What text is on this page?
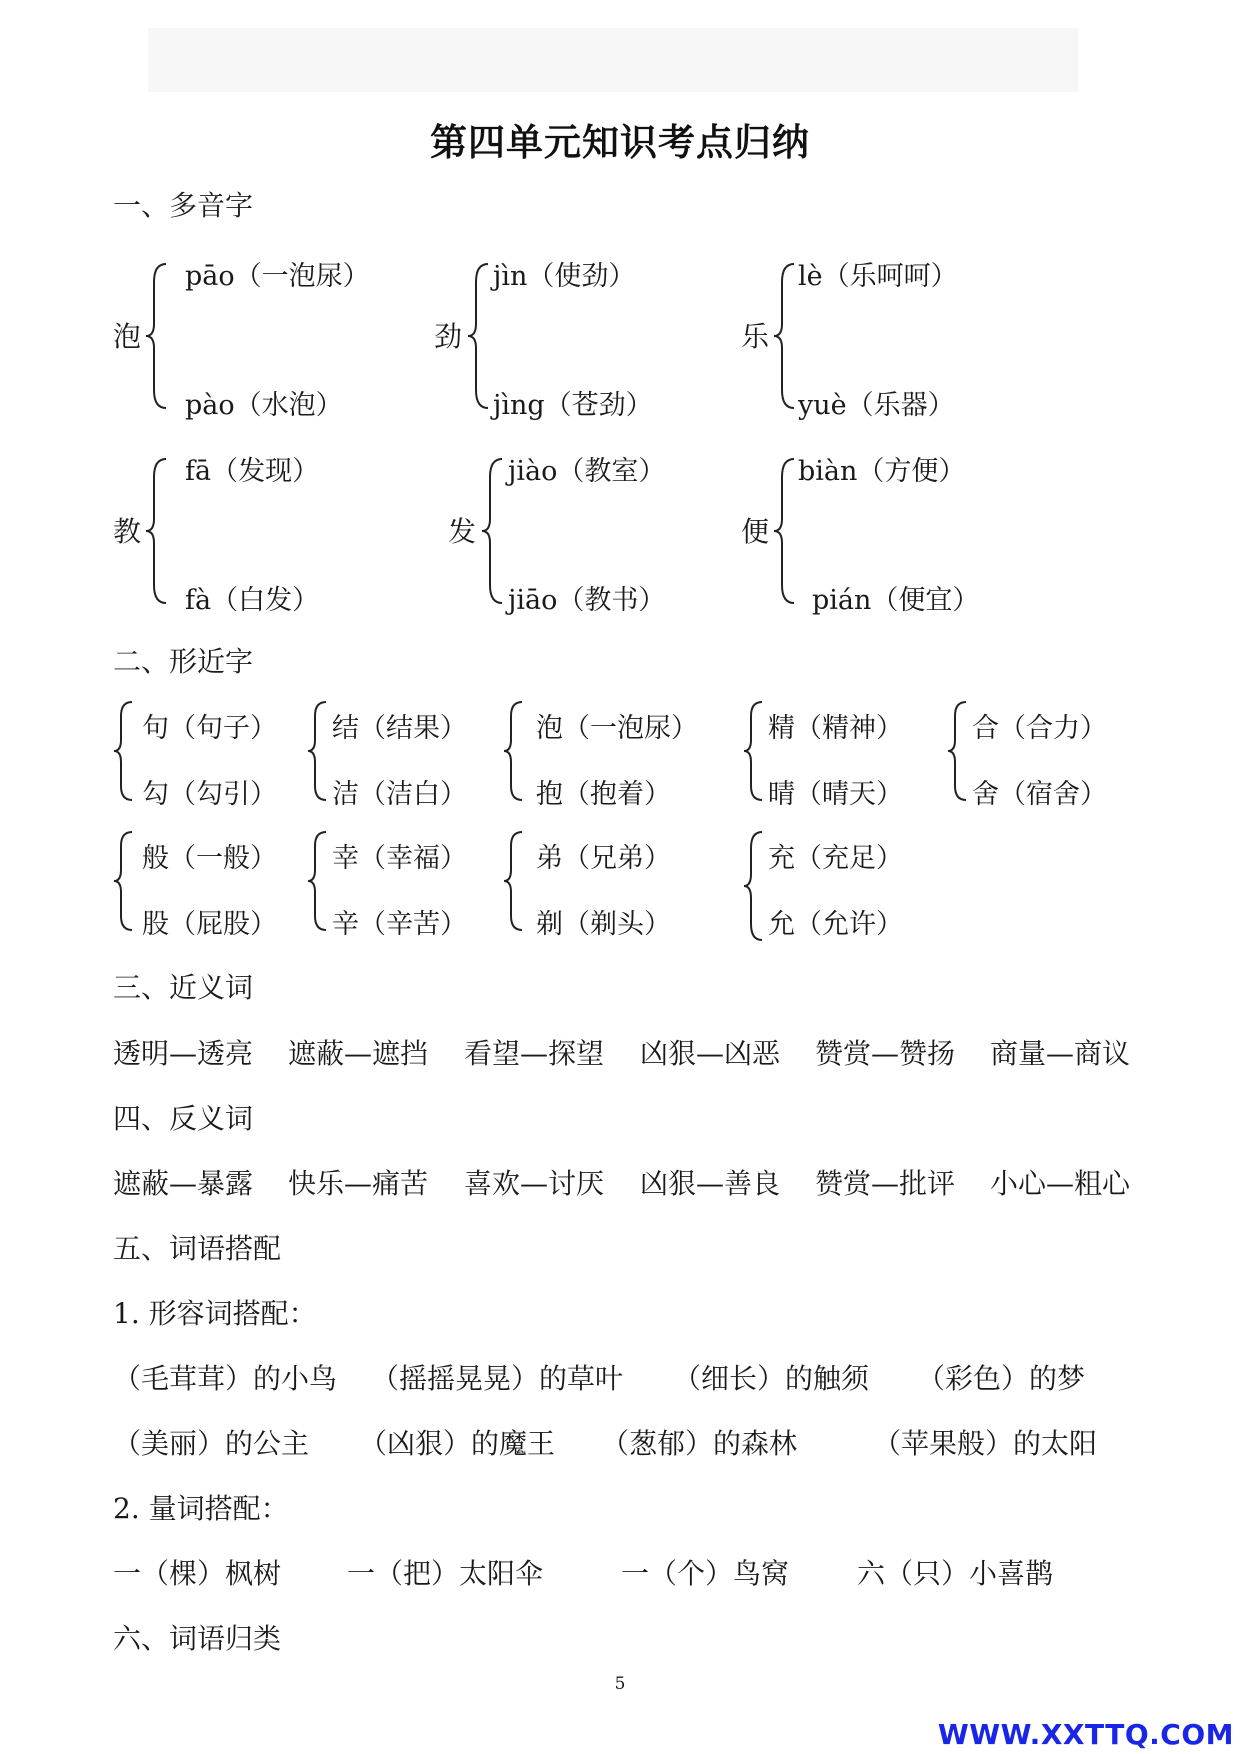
第四单元知识考点归纳
一、多音字
泡
pāo（一泡尿）
pào（水泡）
劲
jìn（使劲）
jìng（苍劲）
乐
lè（乐呵呵）
yuè（乐器）
教
fā（发现）
fà（白发）
发
jiào（教室）
jiāo（教书）
便
biàn（方便）
pián（便宜）
二、形近字
句（句子）
勾（勾引）
结（结果）
洁（洁白）
泡（一泡尿）
抱（抱着）
精（精神）
晴（晴天）
合（合力）
舍（宿舍）
般（一般）
股（屁股）
幸（幸福）
辛（辛苦）
弟（兄弟）
剃（剃头）
充（充足）
允（允许）
三、近义词
透明—透亮 遮蔽—遮挡 看望—探望 凶狠—凶恶 赞赏—赞扬 商量—商议
四、反义词
遮蔽—暴露 快乐—痛苦 喜欢—讨厌 凶狠—善良 赞赏—批评 小心—粗心
五、词语搭配
1. 形容词搭配：
（毛茸茸）的小鸟 （摇摇晃晃）的草叶 （细长）的触须 （彩色）的梦
（美丽）的公主 （凶狠）的魔王 （葱郁）的森林	（苹果般）的太阳
2. 量词搭配：
一（棵）枫树 一（把）太阳伞	一（个）鸟窝 六（只）小喜鹊
六、词语归类
5
WWW.XXTTQ.COM
